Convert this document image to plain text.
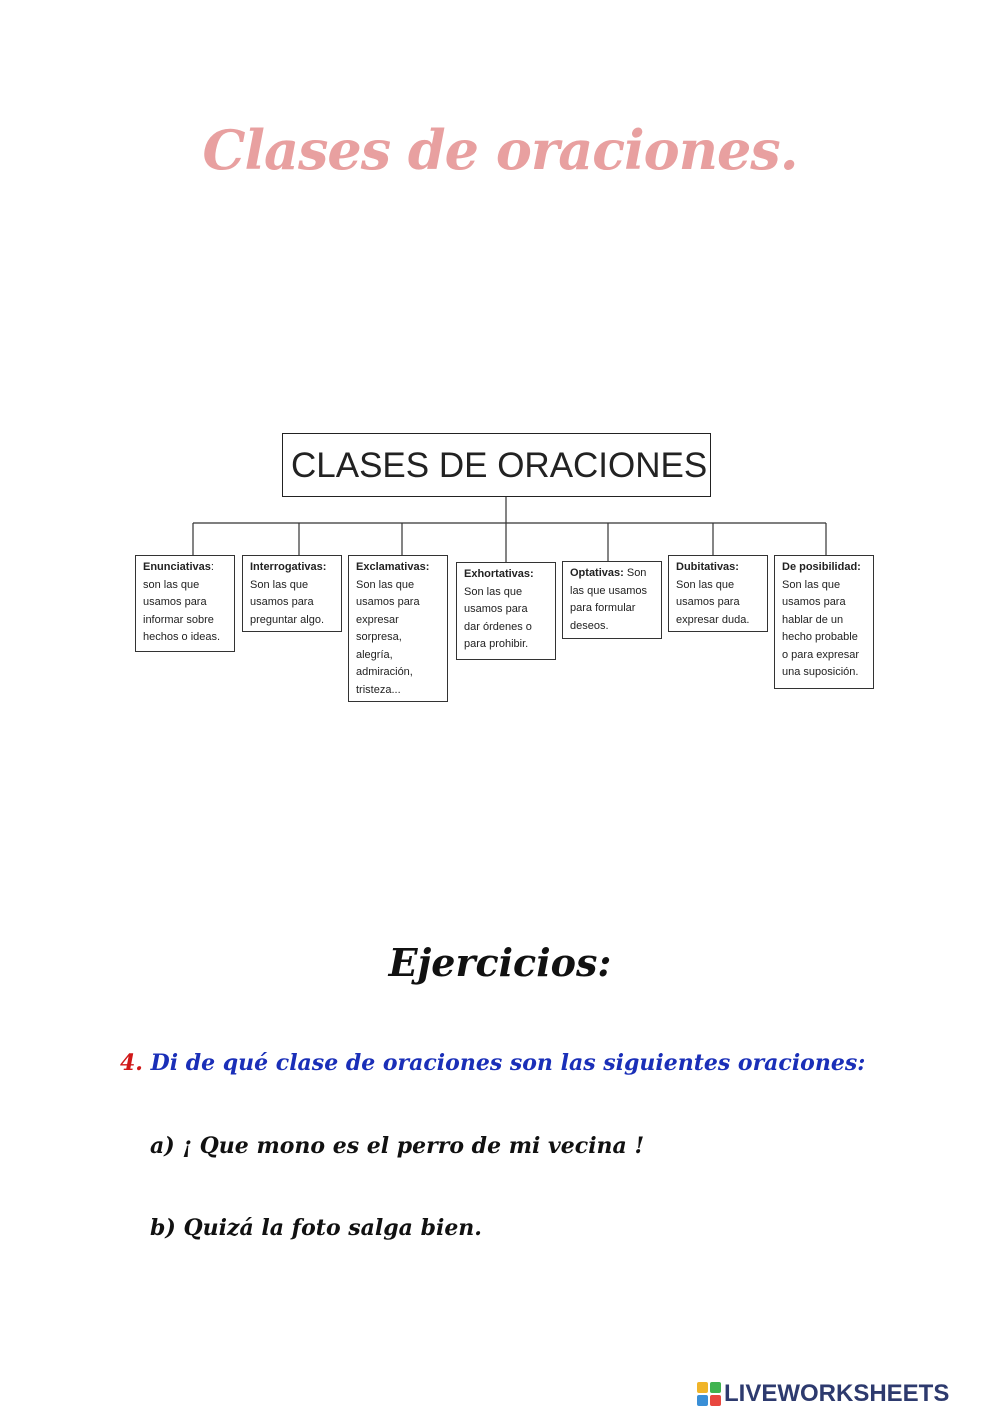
Clases de oraciones.
CLASES DE ORACIONES
Enunciativas:
son las que
usamos para
informar sobre
hechos o ideas.
Interrogativas:
Son las que
usamos para
preguntar algo.
Exclamativas:
Son las que
usamos para
expresar
sorpresa,
alegría,
admiración,
tristeza...
Exhortativas:
Son las que
usamos para
dar órdenes o
para prohibir.
Optativas: Son
las que usamos
para formular
deseos.
Dubitativas:
Son las que
usamos para
expresar duda.
De posibilidad:
Son las que
usamos para
hablar de un
hecho probable
o para expresar
una suposición.
Ejercicios:
4. Di de qué clase de oraciones son las siguientes oraciones:
a) ¡ Que mono es el perro de mi vecina !
b) Quizá la foto salga bien.
LIVEWORKSHEETS
